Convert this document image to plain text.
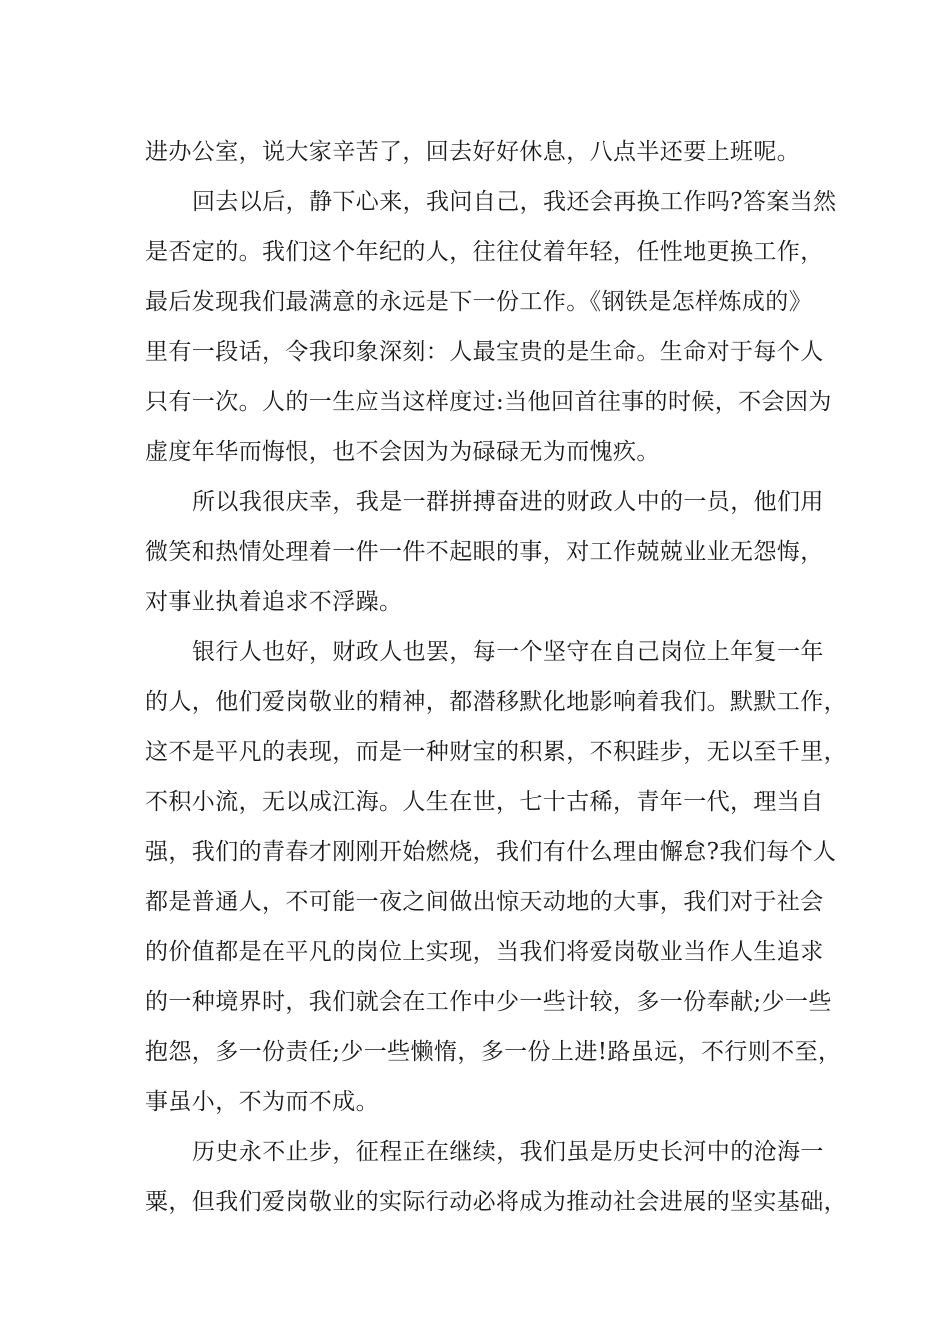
进办公室，说大家辛苦了，回去好好休息，八点半还要上班呢。
回去以后，静下心来，我问自己，我还会再换工作吗?答案当然
是否定的。我们这个年纪的人，往往仗着年轻，任性地更换工作，
最后发现我们最满意的永远是下一份工作。《钢铁是怎样炼成的》
里有一段话，令我印象深刻：人最宝贵的是生命。生命对于每个人
只有一次。人的一生应当这样度过:当他回首往事的时候，不会因为
虚度年华而悔恨，也不会因为为碌碌无为而愧疚。
所以我很庆幸，我是一群拼搏奋进的财政人中的一员，他们用
微笑和热情处理着一件一件不起眼的事，对工作兢兢业业无怨悔，
对事业执着追求不浮躁。
银行人也好，财政人也罢，每一个坚守在自己岗位上年复一年
的人，他们爱岗敬业的精神，都潜移默化地影响着我们。默默工作，
这不是平凡的表现，而是一种财宝的积累，不积跬步，无以至千里，
不积小流，无以成江海。人生在世，七十古稀，青年一代，理当自
强，我们的青春才刚刚开始燃烧，我们有什么理由懈怠?我们每个人
都是普通人，不可能一夜之间做出惊天动地的大事，我们对于社会
的价值都是在平凡的岗位上实现，当我们将爱岗敬业当作人生追求
的一种境界时，我们就会在工作中少一些计较，多一份奉献;少一些
抱怨，多一份责任;少一些懒惰，多一份上进!路虽远，不行则不至，
事虽小，不为而不成。
历史永不止步，征程正在继续，我们虽是历史长河中的沧海一
粟，但我们爱岗敬业的实际行动必将成为推动社会进展的坚实基础，
